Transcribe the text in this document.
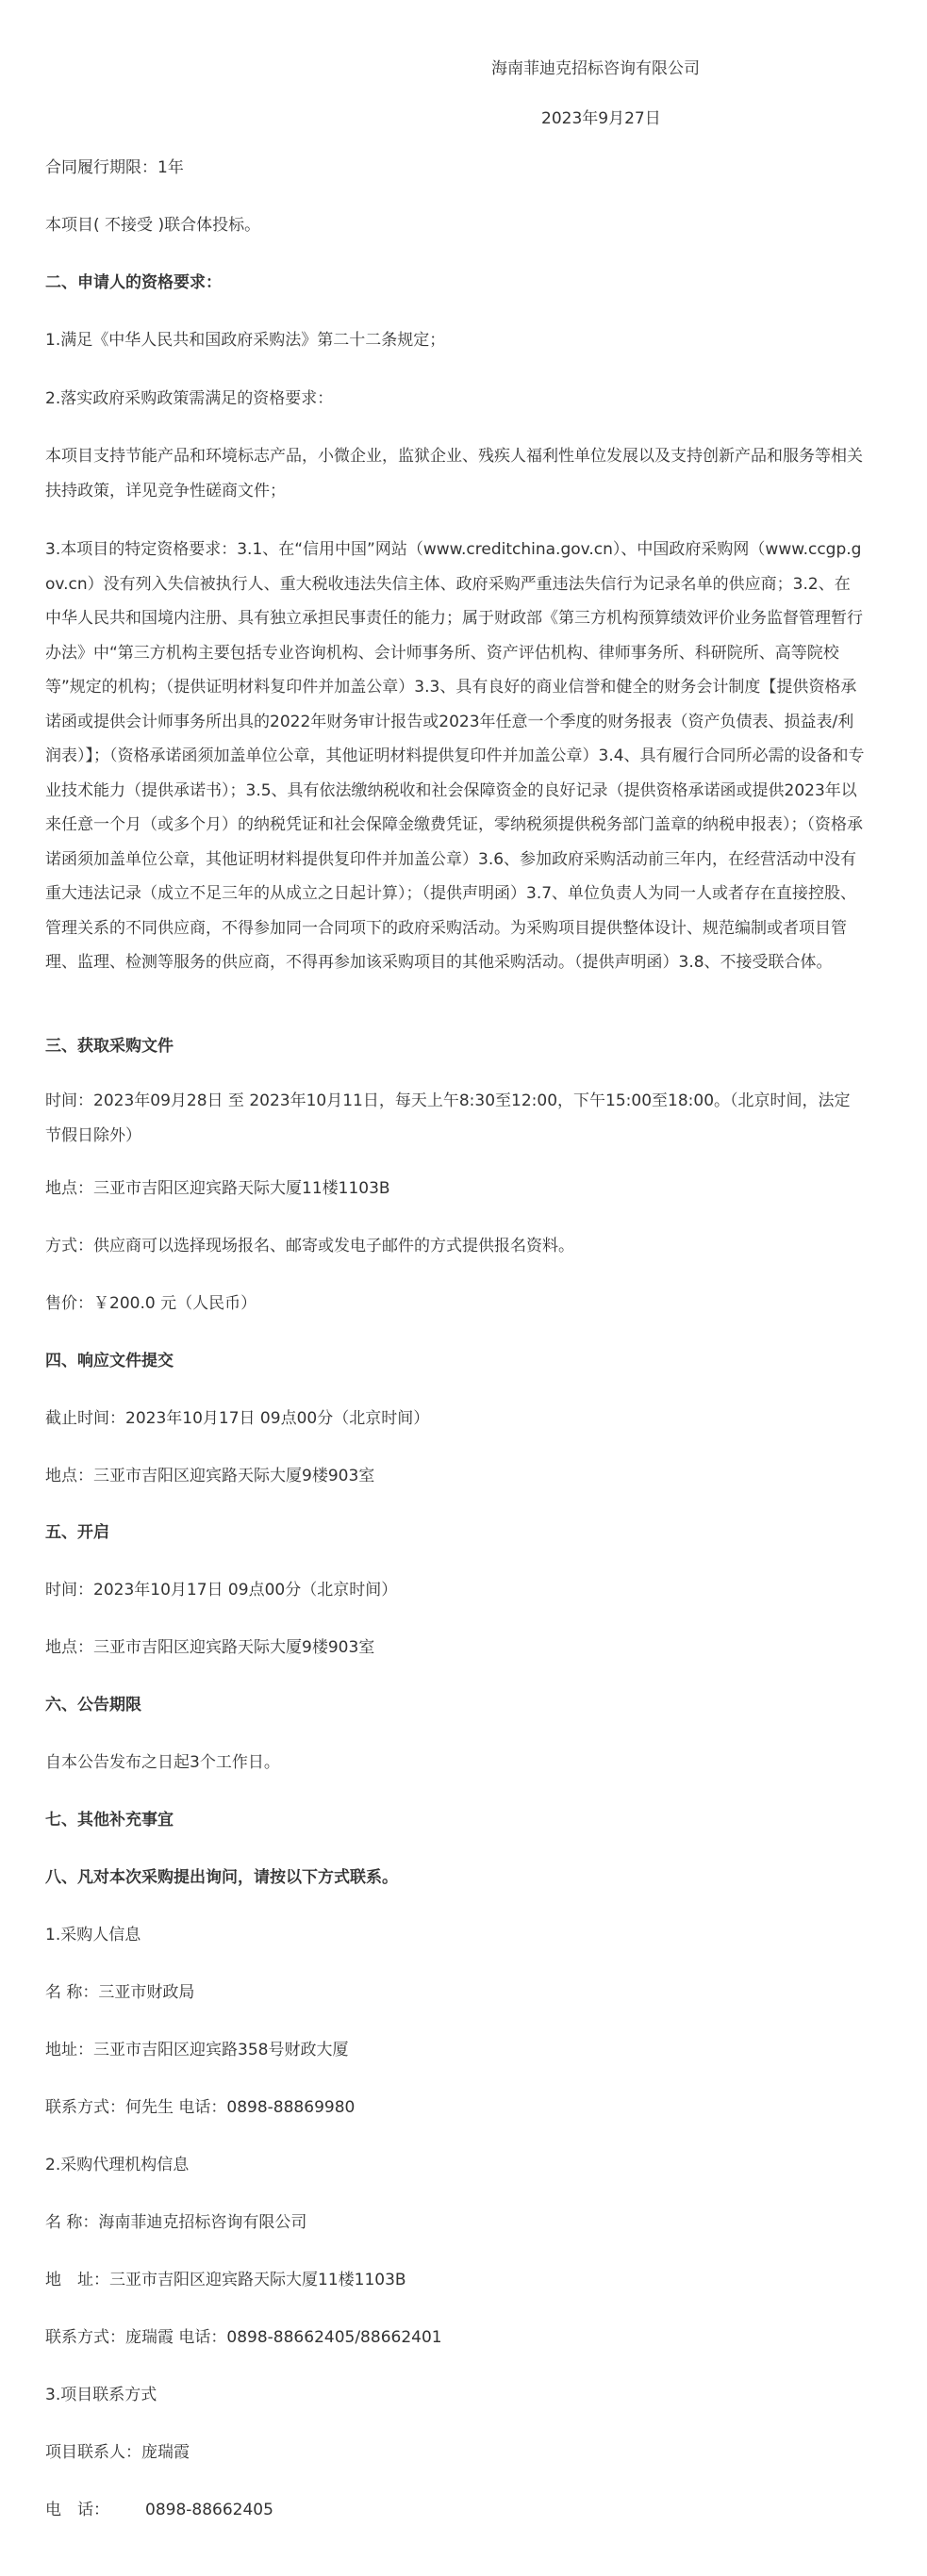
海南菲迪克招标咨询有限公司
2023年9月27日
合同履行期限：1年
本项目( 不接受 )联合体投标。
二、申请人的资格要求：
1.满足《中华人民共和国政府采购法》第二十二条规定；
2.落实政府采购政策需满足的资格要求：
本项目支持节能产品和环境标志产品，小微企业，监狱企业、残疾人福利性单位发展以及支持创新产品和服务等相关扶持政策，详见竞争性磋商文件；
3.本项目的特定资格要求：3.1、在“信用中国”网站（www.creditchina.gov.cn）、中国政府采购网（www.ccgp.gov.cn）没有列入失信被执行人、重大税收违法失信主体、政府采购严重违法失信行为记录名单的供应商；3.2、在中华人民共和国境内注册、具有独立承担民事责任的能力；属于财政部《第三方机构预算绩效评价业务监督管理暂行办法》中“第三方机构主要包括专业咨询机构、会计师事务所、资产评估机构、律师事务所、科研院所、高等院校等”规定的机构；（提供证明材料复印件并加盖公章）3.3、具有良好的商业信誉和健全的财务会计制度【提供资格承诺函或提供会计师事务所出具的2022年财务审计报告或2023年任意一个季度的财务报表（资产负债表、损益表/利润表）】；（资格承诺函须加盖单位公章，其他证明材料提供复印件并加盖公章）3.4、具有履行合同所必需的设备和专业技术能力（提供承诺书）；3.5、具有依法缴纳税收和社会保障资金的良好记录（提供资格承诺函或提供2023年以来任意一个月（或多个月）的纳税凭证和社会保障金缴费凭证，零纳税须提供税务部门盖章的纳税申报表）；（资格承诺函须加盖单位公章，其他证明材料提供复印件并加盖公章）3.6、参加政府采购活动前三年内，在经营活动中没有重大违法记录（成立不足三年的从成立之日起计算）；（提供声明函）3.7、单位负责人为同一人或者存在直接控股、管理关系的不同供应商，不得参加同一合同项下的政府采购活动。为采购项目提供整体设计、规范编制或者项目管理、监理、检测等服务的供应商，不得再参加该采购项目的其他采购活动。（提供声明函）3.8、不接受联合体。
三、获取采购文件
时间：2023年09月28日 至 2023年10月11日，每天上午8:30至12:00，下午15:00至18:00。（北京时间，法定节假日除外）
地点：三亚市吉阳区迎宾路天际大厦11楼1103B
方式：供应商可以选择现场报名、邮寄或发电子邮件的方式提供报名资料。
售价：￥200.0 元（人民币）
四、响应文件提交
截止时间：2023年10月17日 09点00分（北京时间）
地点：三亚市吉阳区迎宾路天际大厦9楼903室
五、开启
时间：2023年10月17日 09点00分（北京时间）
地点：三亚市吉阳区迎宾路天际大厦9楼903室
六、公告期限
自本公告发布之日起3个工作日。
七、其他补充事宜
八、凡对本次采购提出询问，请按以下方式联系。
1.采购人信息
名 称：三亚市财政局
地址：三亚市吉阳区迎宾路358号财政大厦
联系方式：何先生 电话：0898-88869980
2.采购代理机构信息
名 称：海南菲迪克招标咨询有限公司
地　址：三亚市吉阳区迎宾路天际大厦11楼1103B
联系方式：庞瑞霞 电话：0898-88662405/88662401
3.项目联系方式
项目联系人：庞瑞霞
电　话： 0898-88662405
